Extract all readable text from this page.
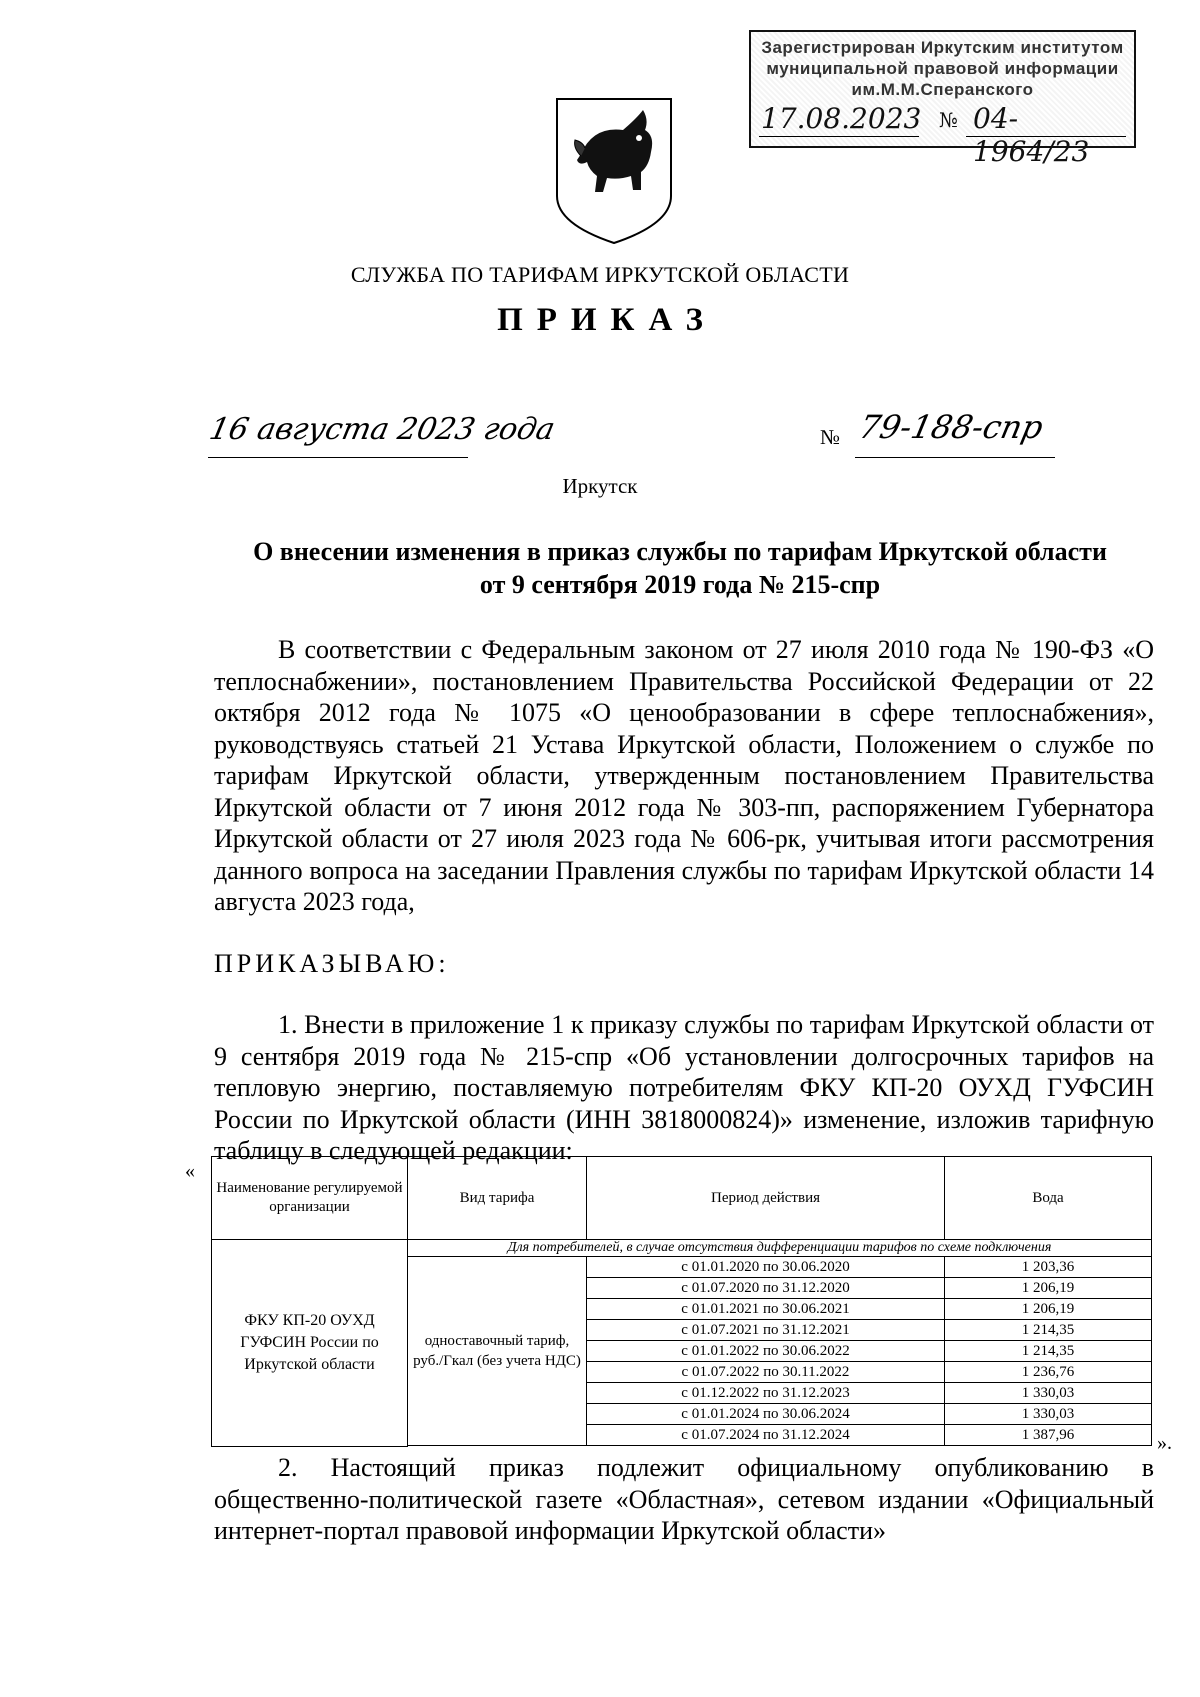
Зарегистрирован Иркутским институтом
муниципальной правовой информации
им.М.М.Сперанского
17.08.2023 № 04-1964/23
СЛУЖБА ПО ТАРИФАМ ИРКУТСКОЙ ОБЛАСТИ
ПРИКАЗ
16 августа 2023 года	№ 79-188-спр
Иркутск
О внесении изменения в приказ службы по тарифам Иркутской области
от 9 сентября 2019 года № 215-спр
В соответствии с Федеральным законом от 27 июля 2010 года № 190-ФЗ «О теплоснабжении», постановлением Правительства Российской Федерации от 22 октября 2012 года № 1075 «О ценообразовании в сфере теплоснабжения», руководствуясь статьей 21 Устава Иркутской области, Положением о службе по тарифам Иркутской области, утвержденным постановлением Правительства Иркутской области от 7 июня 2012 года № 303-пп, распоряжением Губернатора Иркутской области от 27 июля 2023 года № 606-рк, учитывая итоги рассмотрения данного вопроса на заседании Правления службы по тарифам Иркутской области 14 августа 2023 года,
ПРИКАЗЫВАЮ:
1. Внести в приложение 1 к приказу службы по тарифам Иркутской области от 9 сентября 2019 года № 215-спр «Об установлении долгосрочных тарифов на тепловую энергию, поставляемую потребителям ФКУ КП-20 ОУХД ГУФСИН России по Иркутской области (ИНН 3818000824)» изменение, изложив тарифную таблицу в следующей редакции:
«
Наименование регулируемой организации	Вид тарифа	Период действия	Вода
ФКУ КП-20 ОУХД ГУФСИН России по Иркутской области	Для потребителей, в случае отсутствия дифференциации тарифов по схеме подключения		
	одноставочный тариф, руб./Гкал (без учета НДС)	с 01.01.2020 по 30.06.2020	1 203,36
		с 01.07.2020 по 31.12.2020	1 206,19
		с 01.01.2021 по 30.06.2021	1 206,19
		с 01.07.2021 по 31.12.2021	1 214,35
		с 01.01.2022 по 30.06.2022	1 214,35
		с 01.07.2022 по 30.11.2022	1 236,76
		с 01.12.2022 по 31.12.2023	1 330,03
		с 01.01.2024 по 30.06.2024	1 330,03
		с 01.07.2024 по 31.12.2024	1 387,96	».
2. Настоящий приказ подлежит официальному опубликованию в общественно-политической газете «Областная», сетевом издании «Официальный интернет-портал правовой информации Иркутской области»
